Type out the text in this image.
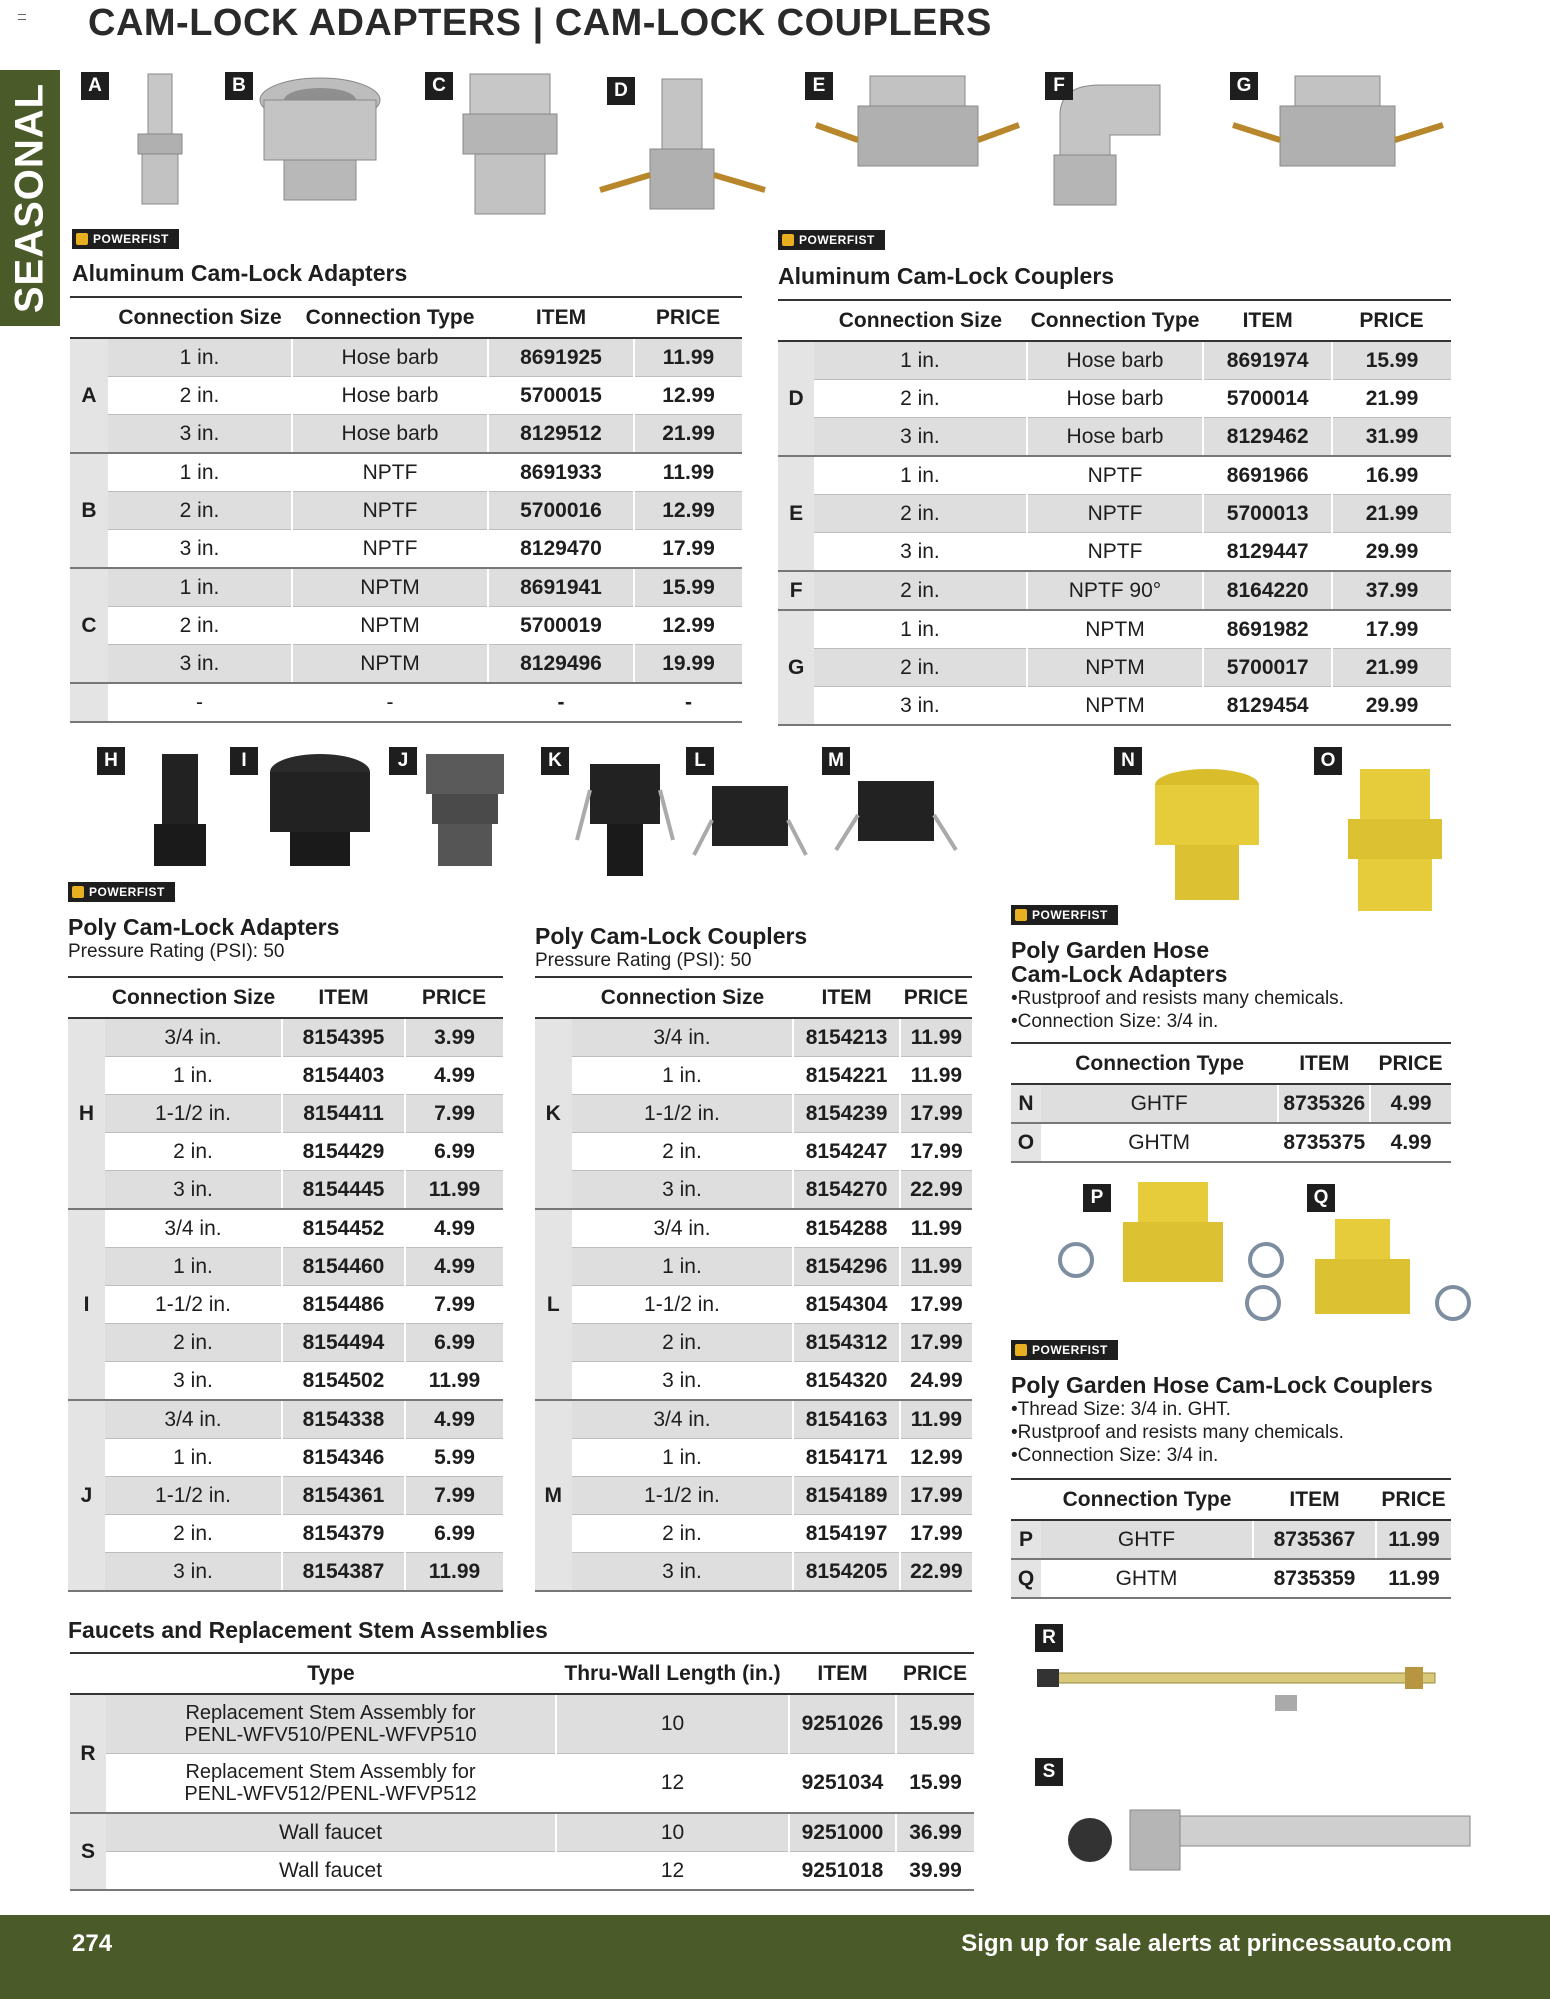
CAM-LOCK ADAPTERS | CAM-LOCK COUPLERS
SEASONAL	A	B	C	D	E	F	G
H	I	J	K	L	M	N	O
P	Q
R
S
POWERFIST	POWERFIST
POWERFIST
POWERFIST
POWERFIST
Aluminum Cam-Lock Adapters	Aluminum Cam-Lock Couplers
Poly Cam-Lock Adapters
Pressure Rating (PSI): 50
Poly Cam-Lock Couplers
Pressure Rating (PSI): 50	Poly Garden Hose
Cam-Lock Adapters
•Rustproof and resists many chemicals.
•Connection Size: 3/4 in.
Poly Garden Hose Cam-Lock Couplers
•Thread Size: 3/4 in. GHT.
•Rustproof and resists many chemicals.
•Connection Size: 3/4 in.
Faucets and Replacement Stem Assemblies
	Connection Size	Connection Type	ITEM	PRICE
A	1 in.	Hose barb	8691925	11.99
	2 in.	Hose barb	5700015	12.99
	3 in.	Hose barb	8129512	21.99
B	1 in.	NPTF	8691933	11.99
	2 in.	NPTF	5700016	12.99
	3 in.	NPTF	8129470	17.99
C	1 in.	NPTM	8691941	15.99
	2 in.	NPTM	5700019	12.99
	3 in.	NPTM	8129496	19.99
	-	-	-	-
	Connection Size	Connection Type	ITEM	PRICE
D	1 in.	Hose barb	8691974	15.99
	2 in.	Hose barb	5700014	21.99
	3 in.	Hose barb	8129462	31.99
E	1 in.	NPTF	8691966	16.99
	2 in.	NPTF	5700013	21.99
	3 in.	NPTF	8129447	29.99
F	2 in.	NPTF 90°	8164220	37.99
G	1 in.	NPTM	8691982	17.99
	2 in.	NPTM	5700017	21.99
	3 in.	NPTM	8129454	29.99
	Connection Size	ITEM	PRICE
H	3/4 in.	8154395	3.99
	1 in.	8154403	4.99
	1-1/2 in.	8154411	7.99
	2 in.	8154429	6.99
	3 in.	8154445	11.99
I	3/4 in.	8154452	4.99
	1 in.	8154460	4.99
	1-1/2 in.	8154486	7.99
	2 in.	8154494	6.99
	3 in.	8154502	11.99
J	3/4 in.	8154338	4.99
	1 in.	8154346	5.99
	1-1/2 in.	8154361	7.99
	2 in.	8154379	6.99
	3 in.	8154387	11.99
	Connection Size	ITEM	PRICE
K	3/4 in.	8154213	11.99
	1 in.	8154221	11.99
	1-1/2 in.	8154239	17.99
	2 in.	8154247	17.99
	3 in.	8154270	22.99
L	3/4 in.	8154288	11.99
	1 in.	8154296	11.99
	1-1/2 in.	8154304	17.99
	2 in.	8154312	17.99
	3 in.	8154320	24.99
M	3/4 in.	8154163	11.99
	1 in.	8154171	12.99
	1-1/2 in.	8154189	17.99
	2 in.	8154197	17.99
	3 in.	8154205	22.99
	Connection Type	ITEM	PRICE
N	GHTF	8735326	4.99
O	GHTM	8735375	4.99
	Connection Type	ITEM	PRICE
P	GHTF	8735367	11.99
Q	GHTM	8735359	11.99
	Type	Thru-Wall Length (in.)	ITEM	PRICE
R	Replacement Stem Assembly for
PENL-WFV510/PENL-WFVP510	10	9251026	15.99
	Replacement Stem Assembly for
PENL-WFV512/PENL-WFVP512	12	9251034	15.99
S	Wall faucet	10	9251000	36.99
	Wall faucet	12	9251018	39.99
274	Sign up for sale alerts at princessauto.com
